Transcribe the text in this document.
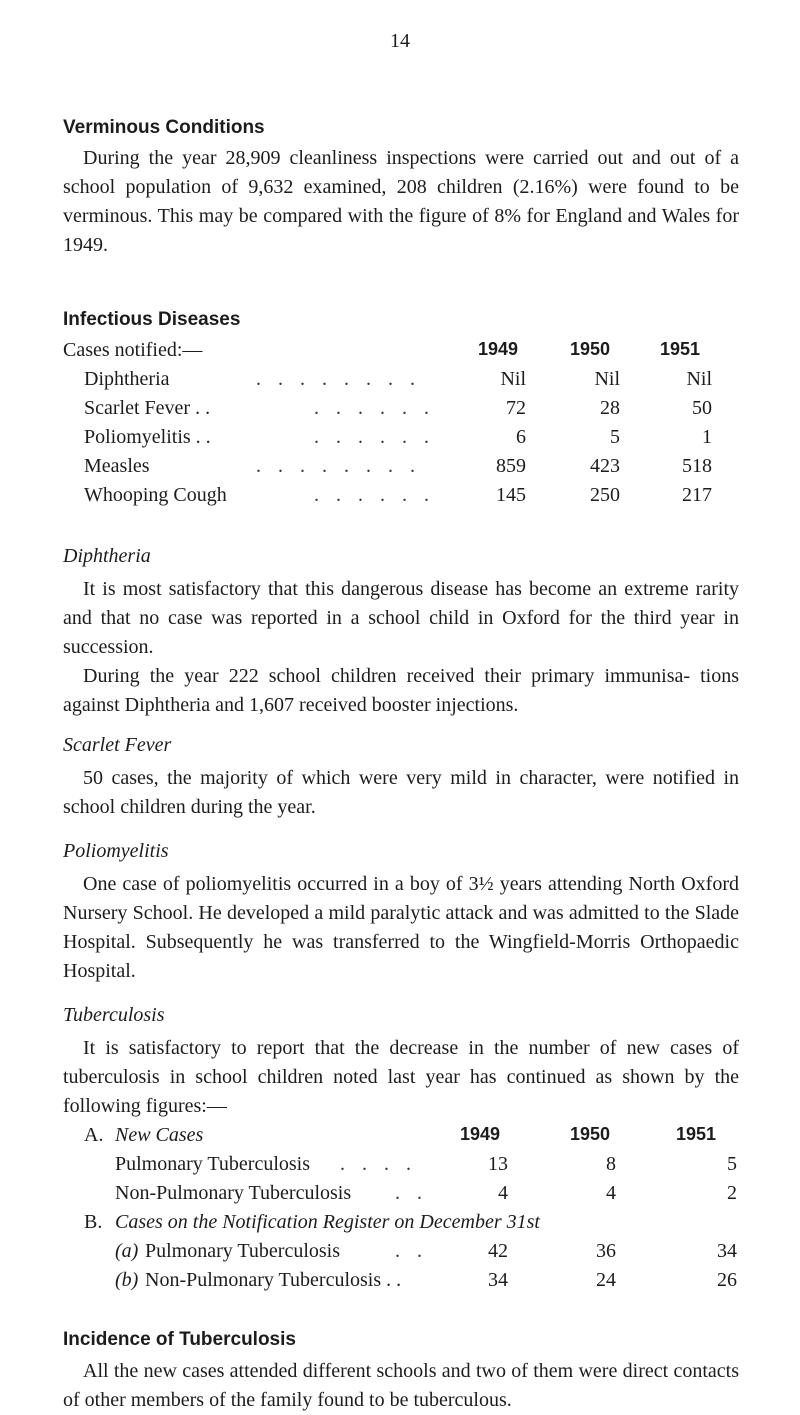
14
Verminous Conditions

During the year 28,909 cleanliness inspections were carried out and out of a school population of 9,632 examined, 208 children (2.16%) were found to be verminous. This may be compared with the figure of 8% for England and Wales for 1949.

Infectious Diseases
Cases notified:—	1949	1950	1951
Diphtheria	. . . . . . . .	Nil	Nil	Nil
Scarlet Fever . .	. . . . . .	72	28	50
Poliomyelitis . .	. . . . . .	6	5	1
Measles	. . . . . . . .	859	423	518
Whooping Cough	. . . . . .	145	250	217
Diphtheria

It is most satisfactory that this dangerous disease has become an extreme rarity and that no case was reported in a school child in Oxford for the third year in succession.

During the year 222 school children received their primary immunisa- tions against Diphtheria and 1,607 received booster injections.

Scarlet Fever

50 cases, the majority of which were very mild in character, were notified in school children during the year.

Poliomyelitis

One case of poliomyelitis occurred in a boy of 3½ years attending North Oxford Nursery School. He developed a mild paralytic attack and was admitted to the Slade Hospital. Subsequently he was transferred to the Wingfield-Morris Orthopaedic Hospital.

Tuberculosis

It is satisfactory to report that the decrease in the number of new cases of tuberculosis in school children noted last year has continued as shown by the following figures:—

A. New Cases	1949	1950	1951
Pulmonary Tuberculosis . . . .	13	8	5
Non-Pulmonary Tuberculosis . .	4	4	2
B. Cases on the Notification Register on December 31st
(a) Pulmonary Tuberculosis	. .	42	36	34
(b) Non-Pulmonary Tuberculosis . .	34	24	26
Incidence of Tuberculosis

All the new cases attended different schools and two of them were direct contacts of other members of the family found to be tuberculous.
